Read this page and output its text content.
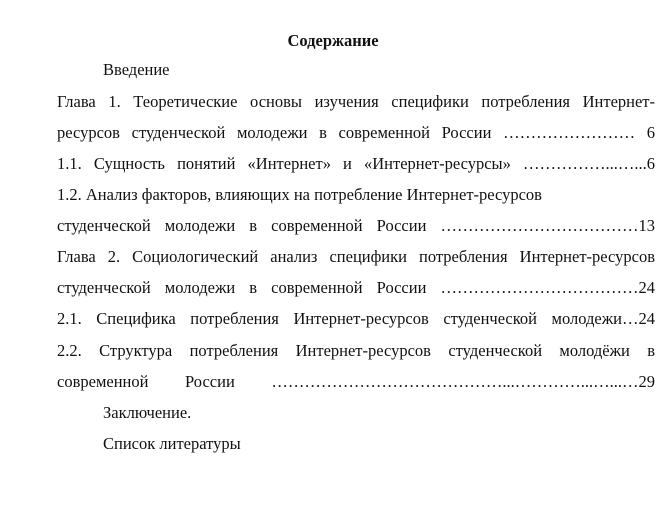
Содержание
Введение
Глава 1. Теоретические основы изучения специфики потребления Интернет-
ресурсов студенческой молодежи в современной России …………………… 6
1.1. Сущность понятий «Интернет» и «Интернет-ресурсы» ……………...…...6
1.2. Анализ факторов, влияющих на потребление Интернет-ресурсов
студенческой молодежи в современной России ………………………………13
Глава 2. Социологический анализ специфики потребления Интернет-ресурсов
студенческой молодежи в современной России ………………………………24
2.1. Специфика потребления Интернет-ресурсов студенческой молодежи…24
2.2. Структура потребления Интернет-ресурсов студенческой молодёжи в
современной России ……………………………………...…………...…...…29
Заключение.
Список литературы
